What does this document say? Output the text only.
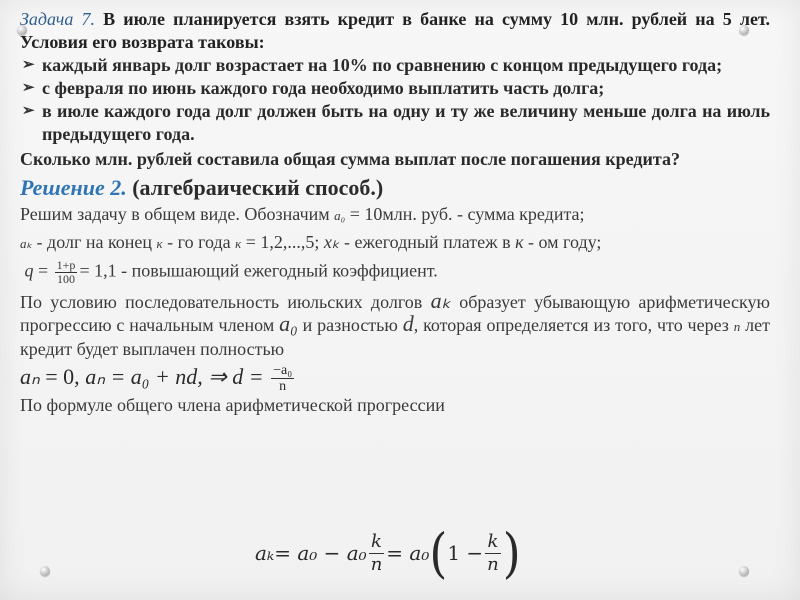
Задача 7. В июле планируется взять кредит в банке на сумму 10 млн. рублей на 5 лет. Условия его возврата таковы:
➢ каждый январь долг возрастает на 10% по сравнению с концом предыдущего года;
➢ с февраля по июнь каждого года необходимо выплатить часть долга;
➢ в июле каждого года долг должен быть на одну и ту же величину меньше долга на июль предыдущего года.
Сколько млн. рублей составила общая сумма выплат после погашения кредита?
Решение 2. (алгебраический способ.)
Решим задачу в общем виде. Обозначим a₀ = 10млн. руб. - сумма кредита;
aₖ - долг на конец к - го года к = 1,2,...,5; xₖ - ежегодный платеж в к - ом году;
$q = \frac{1+p}{100} = 1,1$ - повышающий ежегодный коэффициент.
По условию последовательность июльских долгов aₖ образует убывающую арифметическую прогрессию с начальным членом a₀ и разностью d, которая определяется из того, что через n лет кредит будет выплачен полностью
aₙ = 0, aₙ = a₀ + nd, ⇒ $d = \frac{\text{−a₀}}{n}$
По формуле общего члена арифметической прогрессии
$a_k= a_0 - a_0 \frac{k}{n} = a_0$ ( $1 - \frac{k}{n}$ )
